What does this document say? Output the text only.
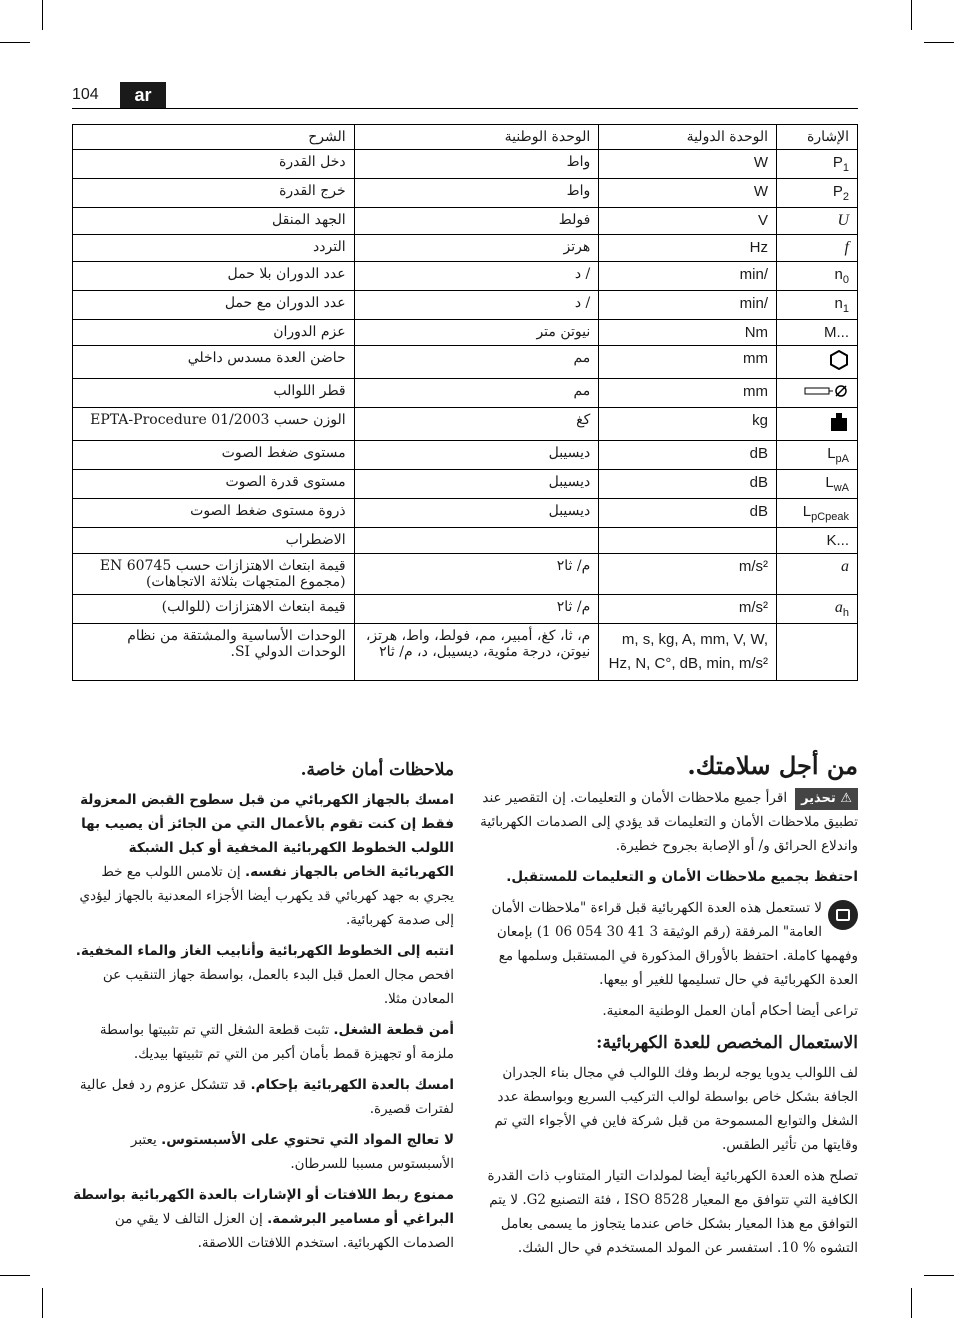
104	ar
الشرح	الوحدة الوطنية	الوحدة الدولية	الإشارة
دخل القدرة	واط	W	$P_1$
خرج القدرة	واط	W	$P_2$
الجهد المنقل	فولط	V	U
التردد	هرتز	Hz	f
عدد الدوران بلا حمل	/ د	min/	$n_0$
عدد الدوران مع حمل	/ د	min/	$n_1$
عزم الدوران	نيوتن متر	Nm	M...
حاضن العدة مسدس داخلي	مم	mm	
قطر اللوالب	مم	mm	
الوزن حسب EPTA-Procedure 01/2003	كغ	kg	
مستوى ضغط الصوت	ديسيبل	dB	$L_{pA}$
مستوى قدرة الصوت	ديسيبل	dB	$L_{wA}$
ذروة مستوى ضغط الصوت	ديسيبل	dB	$L_{pCpeak}$
الاضطراب			K...
قيمة ابتعاث الاهتزازات حسب EN 60745 (مجموع المتجهات بثلاثة الاتجاهات)	م/ ثا٢	m/s²	a
قيمة ابتعاث الاهتزازات (للوالب)	م/ ثا٢	m/s²	$a_h$
الوحدات الأساسية والمشتقة من نظام الوحدات الدولي SI.	م، ثا، كغ، أمبير، مم، فولط، واط، هرتز، نيوتن، درجة مئوية، ديسيبل، د، م/ ثا٢	m, s, kg, A, mm, V, W, Hz, N, C°, dB, min, m/s²	
من أجل سلامتك.

⚠ تحذير
اقرأ جميع ملاحظات الأمان و التعليمات. إن التقصير عند تطبيق ملاحظات الأمان و التعليمات قد يؤدي إلى الصدمات الكهربائية واندلاع الحرائق و/ أو الإصابة بجروح خطيرة.

احتفظ بجميع ملاحظات الأمان و التعليمات للمستقبل.

لا تستعمل هذه العدة الكهربائية قبل قراءة "ملاحظات الأمان العامة" المرفقة (رقم الوثيقة 3 41 30 054 06 1) بإمعان وفهمها كاملة. احتفظ بالأوراق المذكورة في المستقبل وسلمها مع العدة الكهربائية في حال تسليمها للغير أو بيعها.

تراعى أيضا أحكام أمان العمل الوطنية المعنية.

الاستعمال المخصص للعدة الكهربائية:

لف اللوالب يدويا يوجه لربط وفك اللوالب في مجال بناء الجدران الجافة بشكل خاص بواسطة لوالب التركيب السريع وبواسطة عدد الشغل والتوابع المسموحة من قبل شركة فاين في الأجواء التي تم وقايتها من تأثير الطقس.

تصلح هذه العدة الكهربائية أيضا لمولدات التيار المتناوب ذات القدرة الكافية التي تتوافق مع المعيار ISO 8528 ، فئة التصنيع G2. لا يتم التوافق مع هذا المعيار بشكل خاص عندما يتجاوز ما يسمى بعامل التشوه % 10. استفسر عن المولد المستخدم في حال الشك.

ملاحظات أمان خاصة.

امسك بالجهاز الكهربائي من قبل سطوح القبض المعزولة فقط إن كنت تقوم بالأعمال التي من الجائز أن يصيب بها اللولب الخطوط الكهربائية المخفية أو كبل الشبكة الكهربائية الخاص بالجهاز نفسه. إن تلامس اللولب مع خط يجري به جهد كهربائي قد يكهرب أيضا الأجزاء المعدنية بالجهاز ليؤدي إلى صدمة كهربائية.

انتبه إلى الخطوط الكهربائية وأنابيب الغاز والماء المخفية. افحص مجال العمل قبل البدء بالعمل، بواسطة جهاز التنقيب عن المعادن مثلا.

أمن قطعة الشغل. تثبت قطعة الشغل التي تم تثبيتها بواسطة ملزمة أو تجهيزة قمط بأمان أكبر من التي تم تثبيتها بيديك.

امسك بالعدة الكهربائية بإحكام. قد تتشكل عزوم رد فعل عالية لفترات قصيرة.

لا تعالج المواد التي تحتوي على الأسبستوس. يعتبر الأسبستوس مسببا للسرطان.

ممنوع ربط اللافتات أو الإشارات بالعدة الكهربائية بواسطة البراغي أو مسامير البرشمة. إن العزل التالف لا يقي من الصدمات الكهربائية. استخدم اللافتات اللاصقة.
